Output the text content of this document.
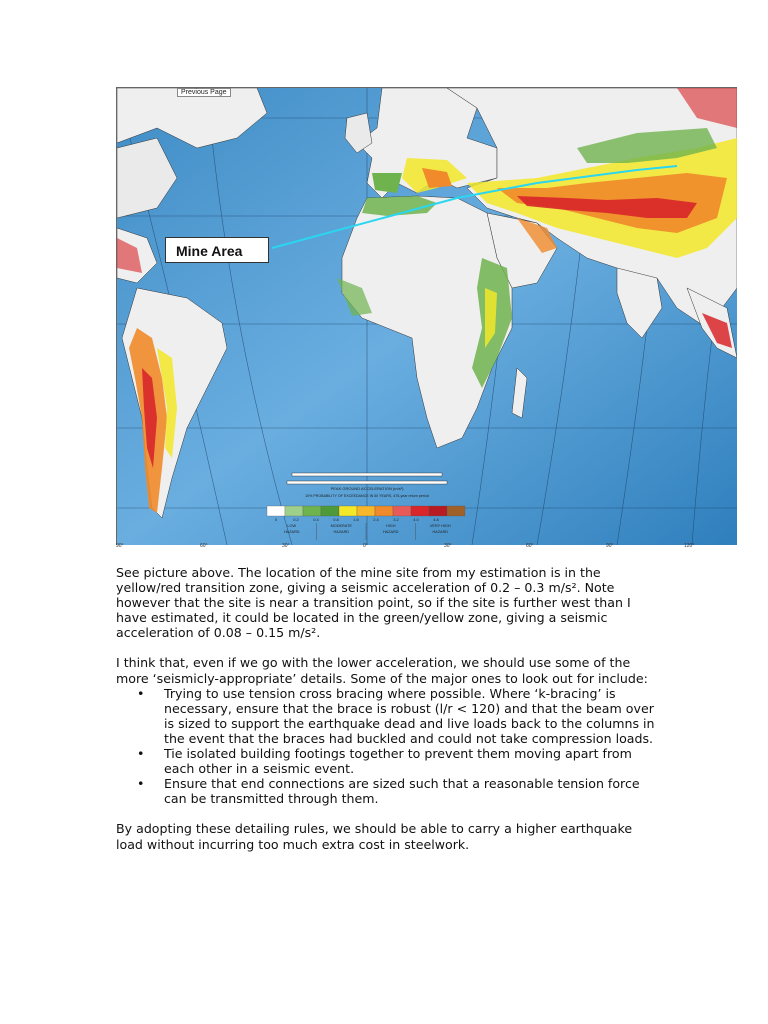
PEAK GROUND ACCELERATION (m/s²)
10% PROBABILITY OF EXCEEDANCE IN 50 YEARS, 475-year return period
0	0.2	0.4	0.8	1.6	2.4	3.2	4.0	4.8
LOW
HAZARD
MODERATE
HAZARD
HIGH
HAZARD
VERY HIGH
HAZARD
Previous Page
Mine Area
90°	60°	30°	0°	30°	60°	90°	120°

See picture above. The location of the mine site from my estimation is in the yellow/red transition zone, giving a seismic acceleration of 0.2 – 0.3 m/s². Note however that the site is near a transition point, so if the site is further west than I have estimated, it could be located in the green/yellow zone, giving a seismic acceleration of 0.08 – 0.15 m/s².

I think that, even if we go with the lower acceleration, we should use some of the more ‘seismicly-appropriate’ details. Some of the major ones to look out for include:

• Trying to use tension cross bracing where possible. Where ‘k-bracing’ is necessary, ensure that the brace is robust (l/r < 120) and that the beam over is sized to support the earthquake dead and live loads back to the columns in the event that the braces had buckled and could not take compression loads.
• Tie isolated building footings together to prevent them moving apart from each other in a seismic event.
• Ensure that end connections are sized such that a reasonable tension force can be transmitted through them.

By adopting these detailing rules, we should be able to carry a higher earthquake load without incurring too much extra cost in steelwork.
